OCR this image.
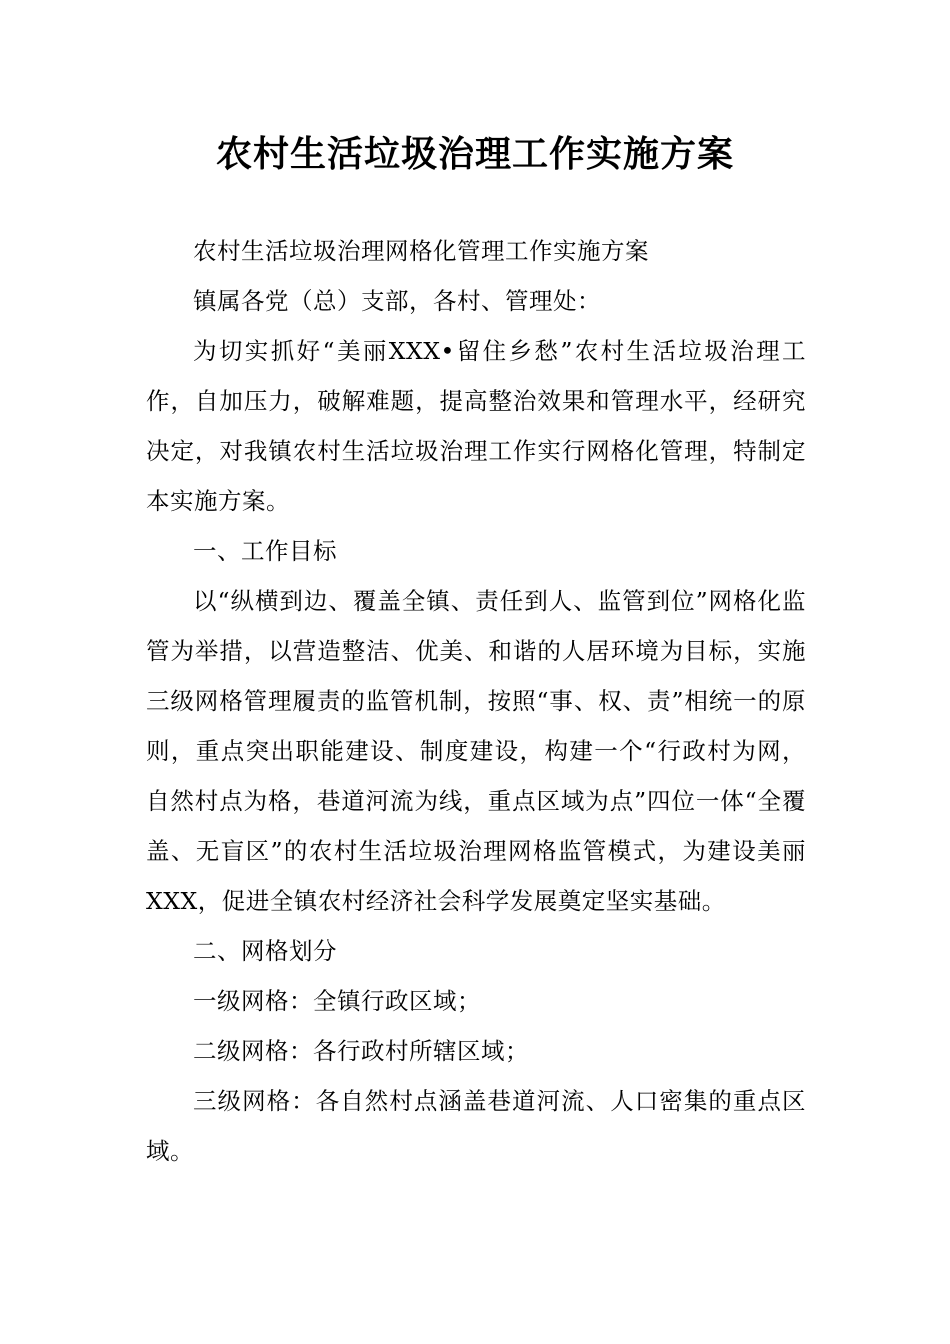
农村生活垃圾治理工作实施方案

农村生活垃圾治理网格化管理工作实施方案

镇属各党（总）支部，各村、管理处：

为切实抓好“美丽XXX•留住乡愁”农村生活垃圾治理工作，自加压力，破解难题，提高整治效果和管理水平，经研究决定，对我镇农村生活垃圾治理工作实行网格化管理，特制定本实施方案。

一、工作目标

以“纵横到边、覆盖全镇、责任到人、监管到位”网格化监管为举措，以营造整洁、优美、和谐的人居环境为目标，实施三级网格管理履责的监管机制，按照“事、权、责”相统一的原则，重点突出职能建设、制度建设，构建一个“行政村为网，自然村点为格，巷道河流为线，重点区域为点”四位一体“全覆盖、无盲区”的农村生活垃圾治理网格监管模式，为建设美丽XXX，促进全镇农村经济社会科学发展奠定坚实基础。

二、网格划分

一级网格：全镇行政区域；

二级网格：各行政村所辖区域；

三级网格：各自然村点涵盖巷道河流、人口密集的重点区域。
